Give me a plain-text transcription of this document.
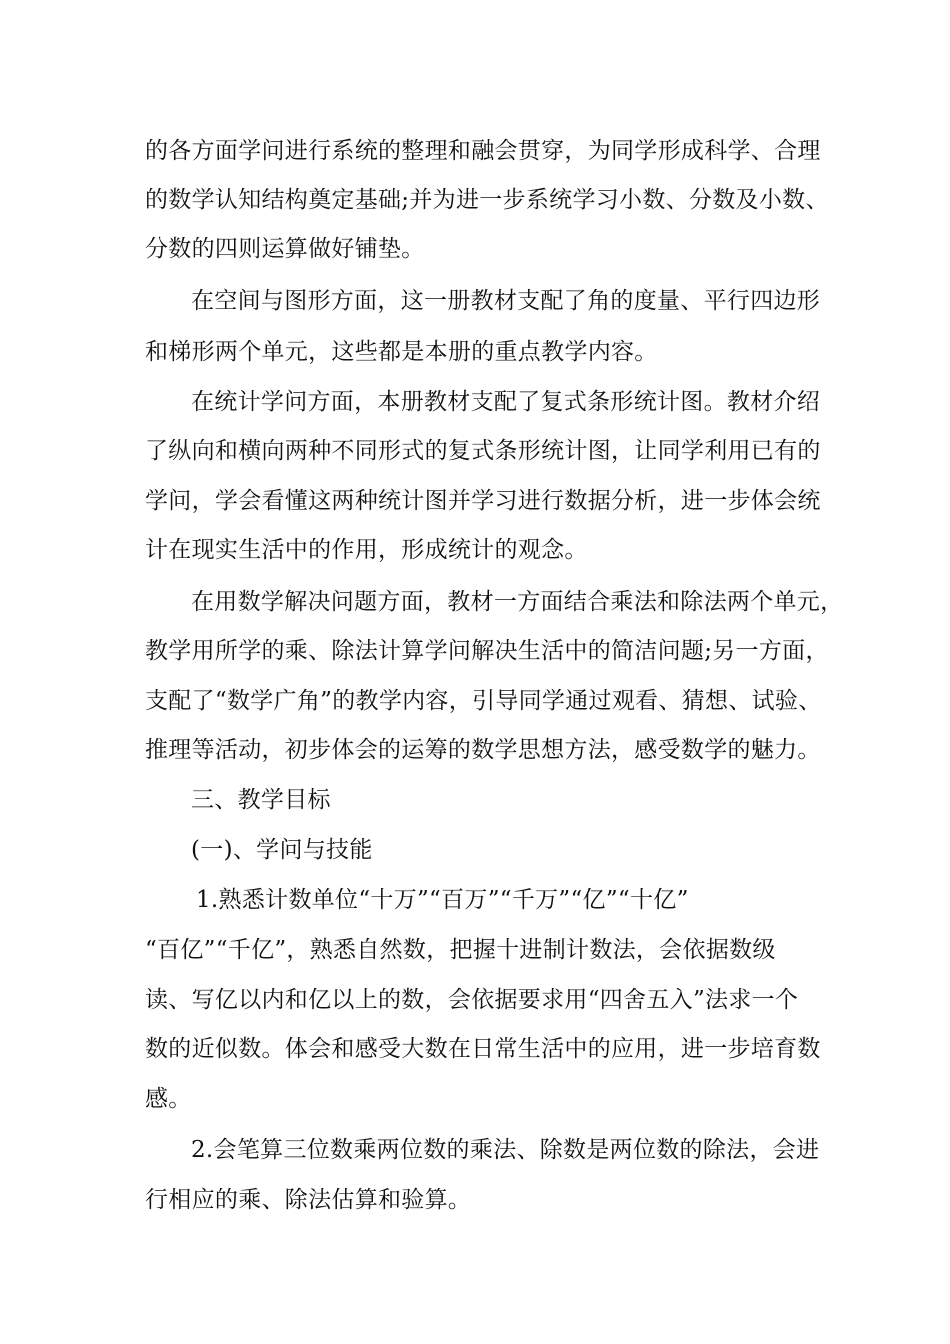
的各方面学问进行系统的整理和融会贯穿，为同学形成科学、合理
的数学认知结构奠定基础;并为进一步系统学习小数、分数及小数、
分数的四则运算做好铺垫。
在空间与图形方面，这一册教材支配了角的度量、平行四边形
和梯形两个单元，这些都是本册的重点教学内容。
在统计学问方面，本册教材支配了复式条形统计图。教材介绍
了纵向和横向两种不同形式的复式条形统计图，让同学利用已有的
学问，学会看懂这两种统计图并学习进行数据分析，进一步体会统
计在现实生活中的作用，形成统计的观念。
在用数学解决问题方面，教材一方面结合乘法和除法两个单元，
教学用所学的乘、除法计算学问解决生活中的简洁问题;另一方面，
支配了“数学广角”的教学内容，引导同学通过观看、猜想、试验、
推理等活动，初步体会的运筹的数学思想方法，感受数学的魅力。
三、教学目标
(一)、学问与技能
1.熟悉计数单位“十万”“百万”“千万”“亿”“十亿”
“百亿”“千亿”，熟悉自然数，把握十进制计数法，会依据数级
读、写亿以内和亿以上的数，会依据要求用“四舍五入”法求一个
数的近似数。体会和感受大数在日常生活中的应用，进一步培育数
感。
2.会笔算三位数乘两位数的乘法、除数是两位数的除法，会进
行相应的乘、除法估算和验算。
